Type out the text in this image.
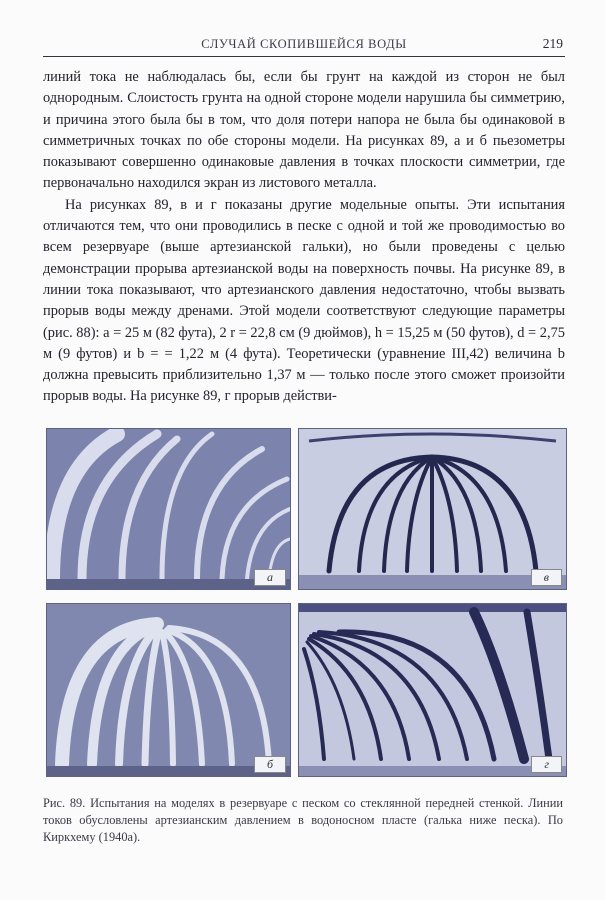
СЛУЧАЙ СКОПИВШЕЙСЯ ВОДЫ	219

линий тока не наблюдалась бы, если бы грунт на каждой из сторон не был однородным. Слоистость грунта на одной стороне модели нарушила бы симметрию, и причина этого была бы в том, что доля потери напора не была бы одинаковой в симметричных точках по обе стороны модели. На рисунках 89, а и б пьезометры показывают совершенно одинаковые давления в точках плоскости симметрии, где первоначально находился экран из листового металла.

На рисунках 89, в и г показаны другие модельные опыты. Эти испытания отличаются тем, что они проводились в песке с одной и той же проводимостью во всем резервуаре (выше артезианской гальки), но были проведены с целью демонстрации прорыва артезианской воды на поверхность почвы. На рисунке 89, в линии тока показывают, что артезианского давления недостаточно, чтобы вызвать прорыв воды между дренами. Этой модели соответствуют следующие параметры (рис. 88): a = 25 м (82 фута), 2 r = 22,8 см (9 дюймов), h = 15,25 м (50 футов), d = 2,75 м (9 футов) и b = = 1,22 м (4 фута). Теоретически (уравнение III,42) величина b должна превысить приблизительно 1,37 м — только после этого сможет произойти прорыв воды. На рисунке 89, г прорыв действи-

а	в
б	г
Рис. 89. Испытания на моделях в резервуаре с песком со стеклянной передней стенкой. Линии токов обусловлены артезианским давлением в водоносном пласте (галька ниже песка). По Киркхему (1940а).
